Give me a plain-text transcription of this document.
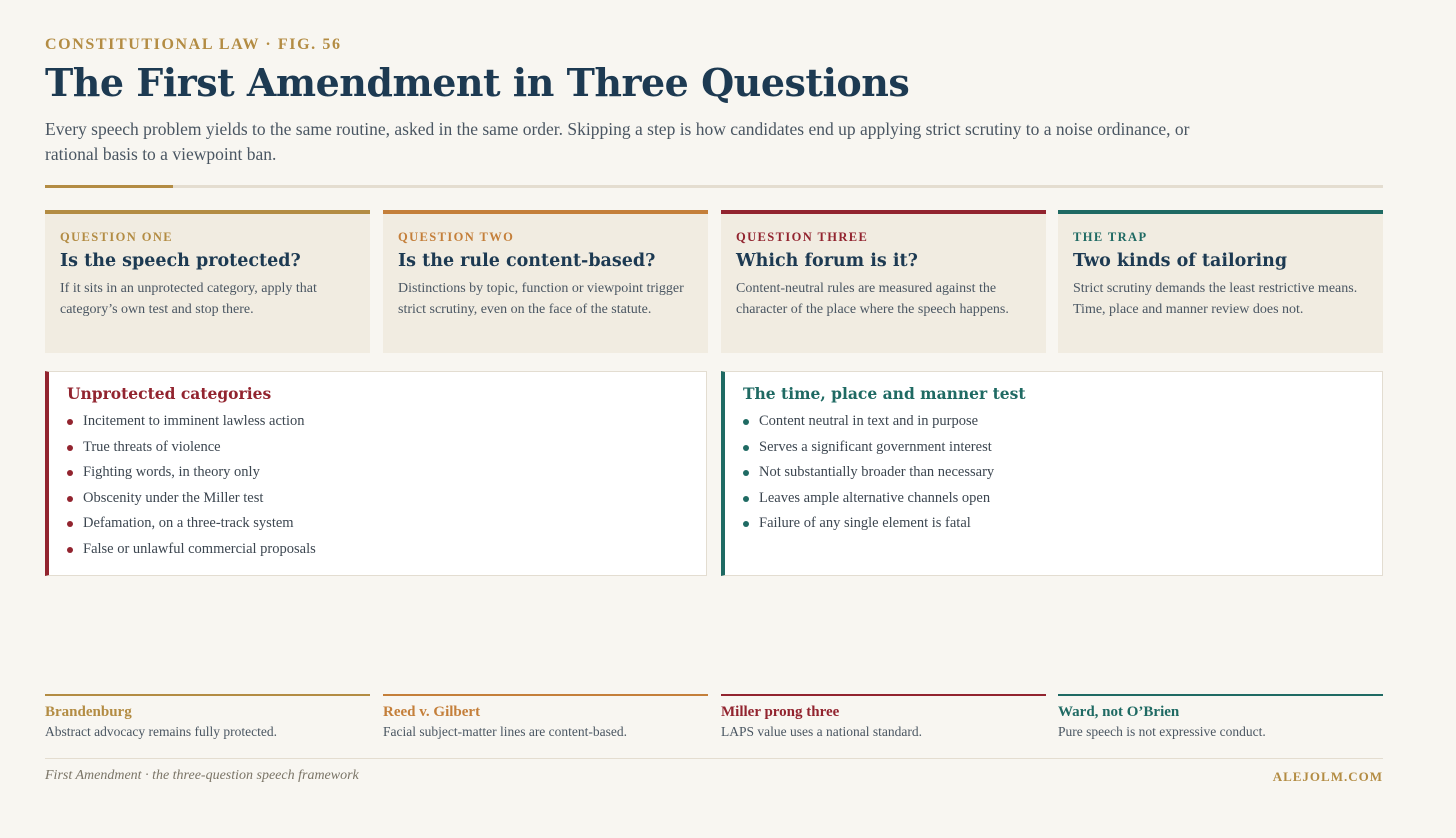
CONSTITUTIONAL LAW · FIG. 56
The First Amendment in Three Questions

Every speech problem yields to the same routine, asked in the same order. Skipping a step is how candidates end up applying strict scrutiny to a noise ordinance, or rational basis to a viewpoint ban.

QUESTION ONE
Is the speech protected?
If it sits in an unprotected category, apply that category’s own test and stop there.
QUESTION TWO
Is the rule content-based?
Distinctions by topic, function or viewpoint trigger strict scrutiny, even on the face of the statute.
QUESTION THREE
Which forum is it?
Content-neutral rules are measured against the character of the place where the speech happens.
THE TRAP
Two kinds of tailoring
Strict scrutiny demands the least restrictive means. Time, place and manner review does not.
Unprotected categories
Incitement to imminent lawless action
True threats of violence
Fighting words, in theory only
Obscenity under the Miller test
Defamation, on a three-track system
False or unlawful commercial proposals
The time, place and manner test
Content neutral in text and in purpose
Serves a significant government interest
Not substantially broader than necessary
Leaves ample alternative channels open
Failure of any single element is fatal
Brandenburg
Abstract advocacy remains fully protected.
Reed v. Gilbert
Facial subject-matter lines are content-based.
Miller prong three
LAPS value uses a national standard.
Ward, not O’Brien
Pure speech is not expressive conduct.
First Amendment · the three-question speech framework	ALEJOLM.COM
